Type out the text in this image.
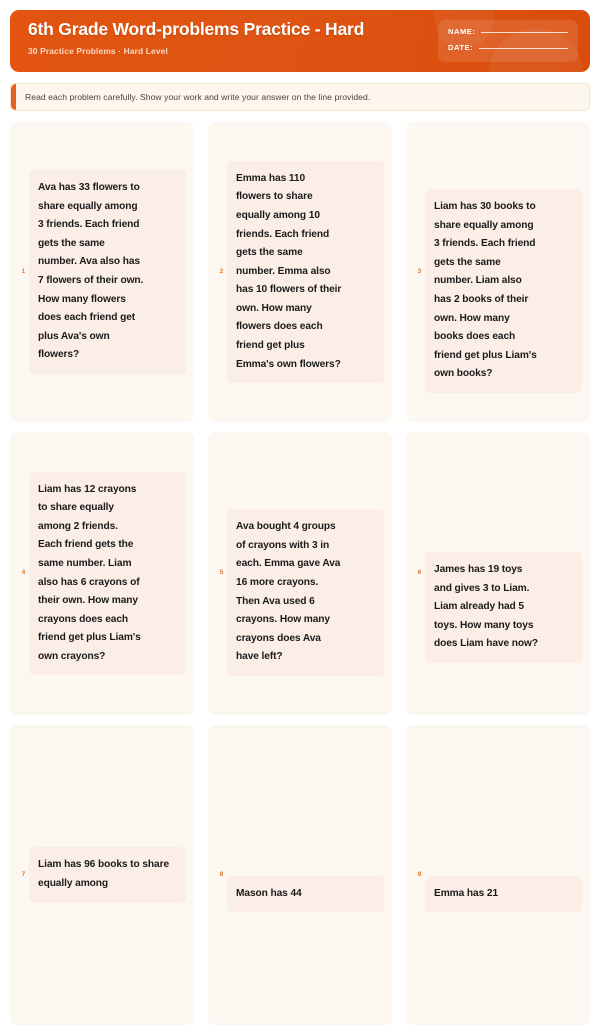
6th Grade Word-problems Practice - Hard
30 Practice Problems · Hard Level
NAME:
DATE:
Read each problem carefully. Show your work and write your answer on the line provided.
1
Ava has 33 flowers to share equally among 3 friends. Each friend gets the same number. Ava also has 7 flowers of their own. How many flowers does each friend get plus Ava's own flowers?
2
Emma has 110 flowers to share equally among 10 friends. Each friend gets the same number. Emma also has 10 flowers of their own. How many flowers does each friend get plus Emma's own flowers?
3
Liam has 30 books to share equally among 3 friends. Each friend gets the same number. Liam also has 2 books of their own. How many books does each friend get plus Liam's own books?
4
Liam has 12 crayons to share equally among 2 friends. Each friend gets the same number. Liam also has 6 crayons of their own. How many crayons does each friend get plus Liam's own crayons?
5
Ava bought 4 groups of crayons with 3 in each. Emma gave Ava 16 more crayons. Then Ava used 6 crayons. How many crayons does Ava have left?
6	James has 19 toys and gives 3 to Liam. Liam already had 5 toys. How many toys does Liam have now?
7
Liam has 96 books to share equally among
8
Mason has 44
9
Emma has 21
